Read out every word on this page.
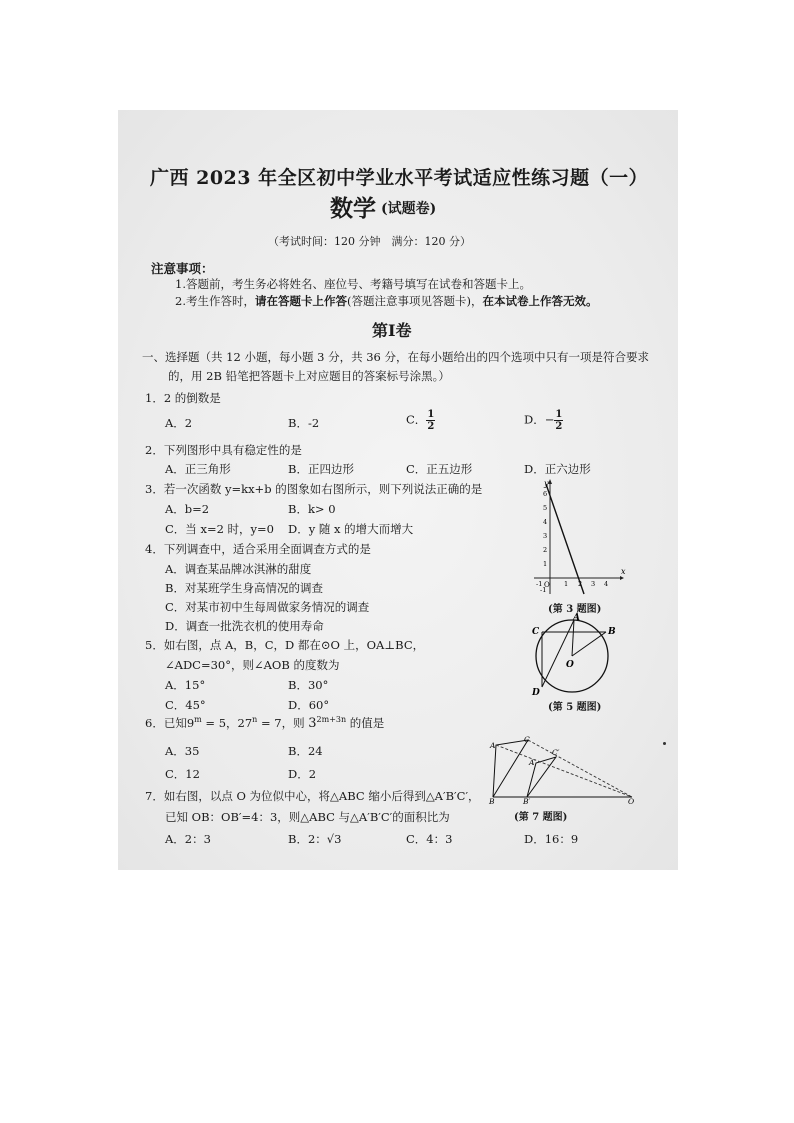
广西 2023 年全区初中学业水平考试适应性练习题（一）
数学 (试题卷)
（考试时间：120 分钟　满分：120 分）
注意事项：
1.答题前，考生务必将姓名、座位号、考籍号填写在试卷和答题卡上。
2.考生作答时，请在答题卡上作答(答题注意事项见答题卡)，在本试卷上作答无效。
第Ⅰ卷
一、选择题（共 12 小题，每小题 3 分，共 36 分，在每小题给出的四个选项中只有一项是符合要求
的，用 2B 铅笔把答题卡上对应题目的答案标号涂黑。）
1．2 的倒数是
A．2	B．-2	C． $\frac{1}{2}$	D．− $\frac{1}{2}$
2．下列图形中具有稳定性的是
A．正三角形	B．正四边形	C．正五边形	D．正六边形
3．若一次函数 y=kx+b 的图象如右图所示，则下列说法正确的是
A．b=2	B．k> 0
C．当 x=2 时，y=0 D．y 随 x 的增大而增大
4．下列调查中，适合采用全面调查方式的是
A．调查某品牌冰淇淋的甜度
B．对某班学生身高情况的调查
C．对某市初中生每周做家务情况的调查
D．调查一批洗衣机的使用寿命
5．如右图，点 A，B，C，D 都在⊙O 上，OA⊥BC，
∠ADC=30°，则∠AOB 的度数为
A．15°	B．30°
C．45°	D．60°
6．已知$9^m = 5$，$27^n = 7$，则 $3^{2m+3n}$ 的值是
A．35	B．24
C．12	D．2
7．如右图，以点 O 为位似中心，将△ABC 缩小后得到△A′B′C′，
已知 OB：OB′=4：3，则△ABC 与△A′B′C′的面积比为
A．2：3	B．2：√3	C．4：3	D．16：9
x
y
O
-1	1 2 3 4
6
5
4
3
2
1
-1
(第 3 题图)
A
B
C
D
O
(第 5 题图)
A
B
C
A′
B′
C′
O
(第 7 题图)
